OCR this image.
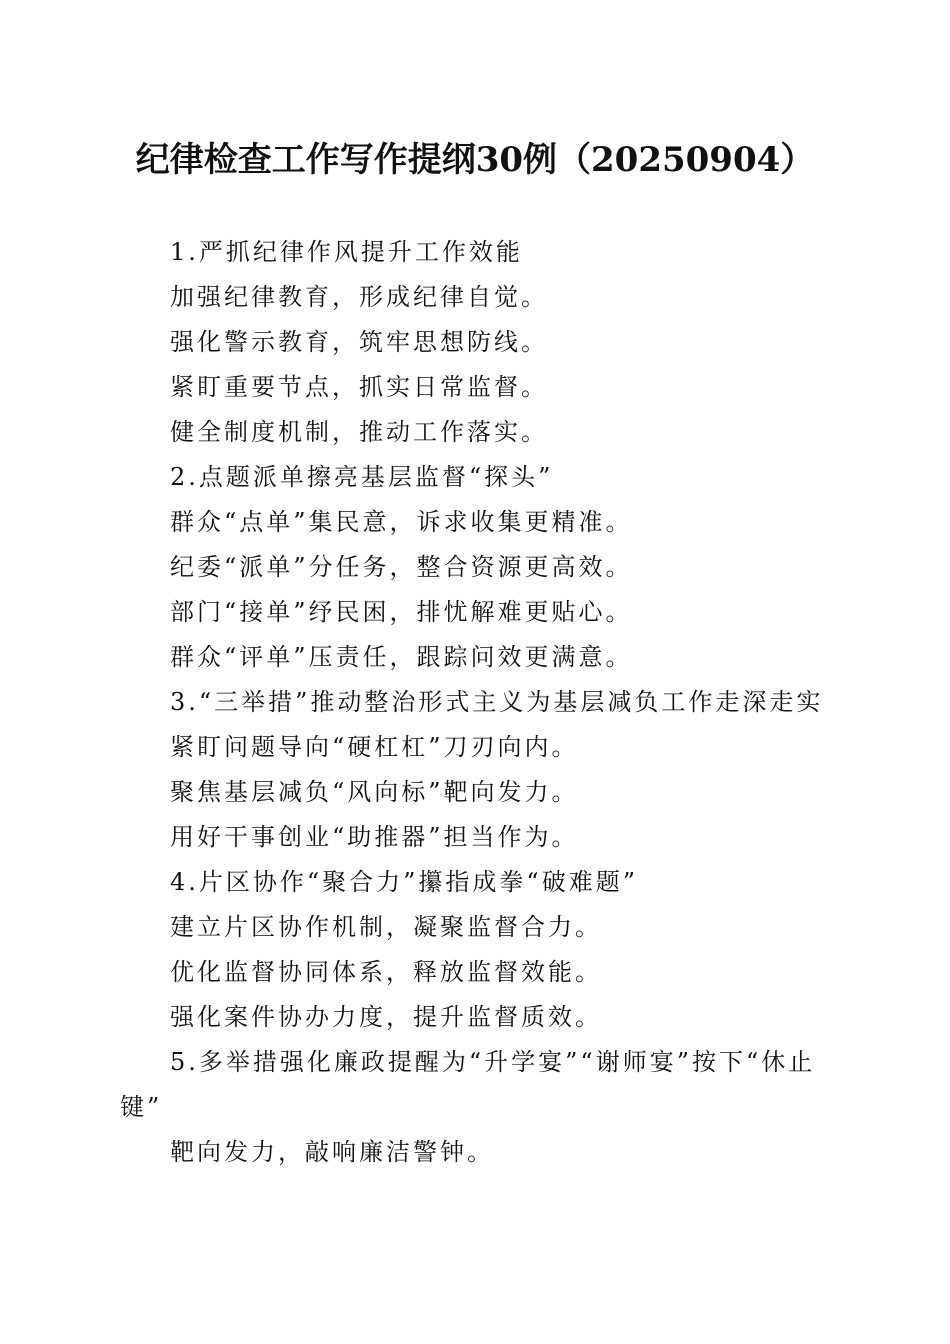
纪律检查工作写作提纲30例（20250904）

1.严抓纪律作风提升工作效能

加强纪律教育，形成纪律自觉。

强化警示教育，筑牢思想防线。

紧盯重要节点，抓实日常监督。

健全制度机制，推动工作落实。

2.点题派单擦亮基层监督“探头”

群众“点单”集民意，诉求收集更精准。

纪委“派单”分任务，整合资源更高效。

部门“接单”纾民困，排忧解难更贴心。

群众“评单”压责任，跟踪问效更满意。

3.“三举措”推动整治形式主义为基层减负工作走深走实

紧盯问题导向“硬杠杠”刀刃向内。

聚焦基层减负“风向标”靶向发力。

用好干事创业“助推器”担当作为。

4.片区协作“聚合力”攥指成拳“破难题”

建立片区协作机制，凝聚监督合力。

优化监督协同体系，释放监督效能。

强化案件协办力度，提升监督质效。

5.多举措强化廉政提醒为“升学宴”“谢师宴”按下“休止键”

靶向发力，敲响廉洁警钟。
